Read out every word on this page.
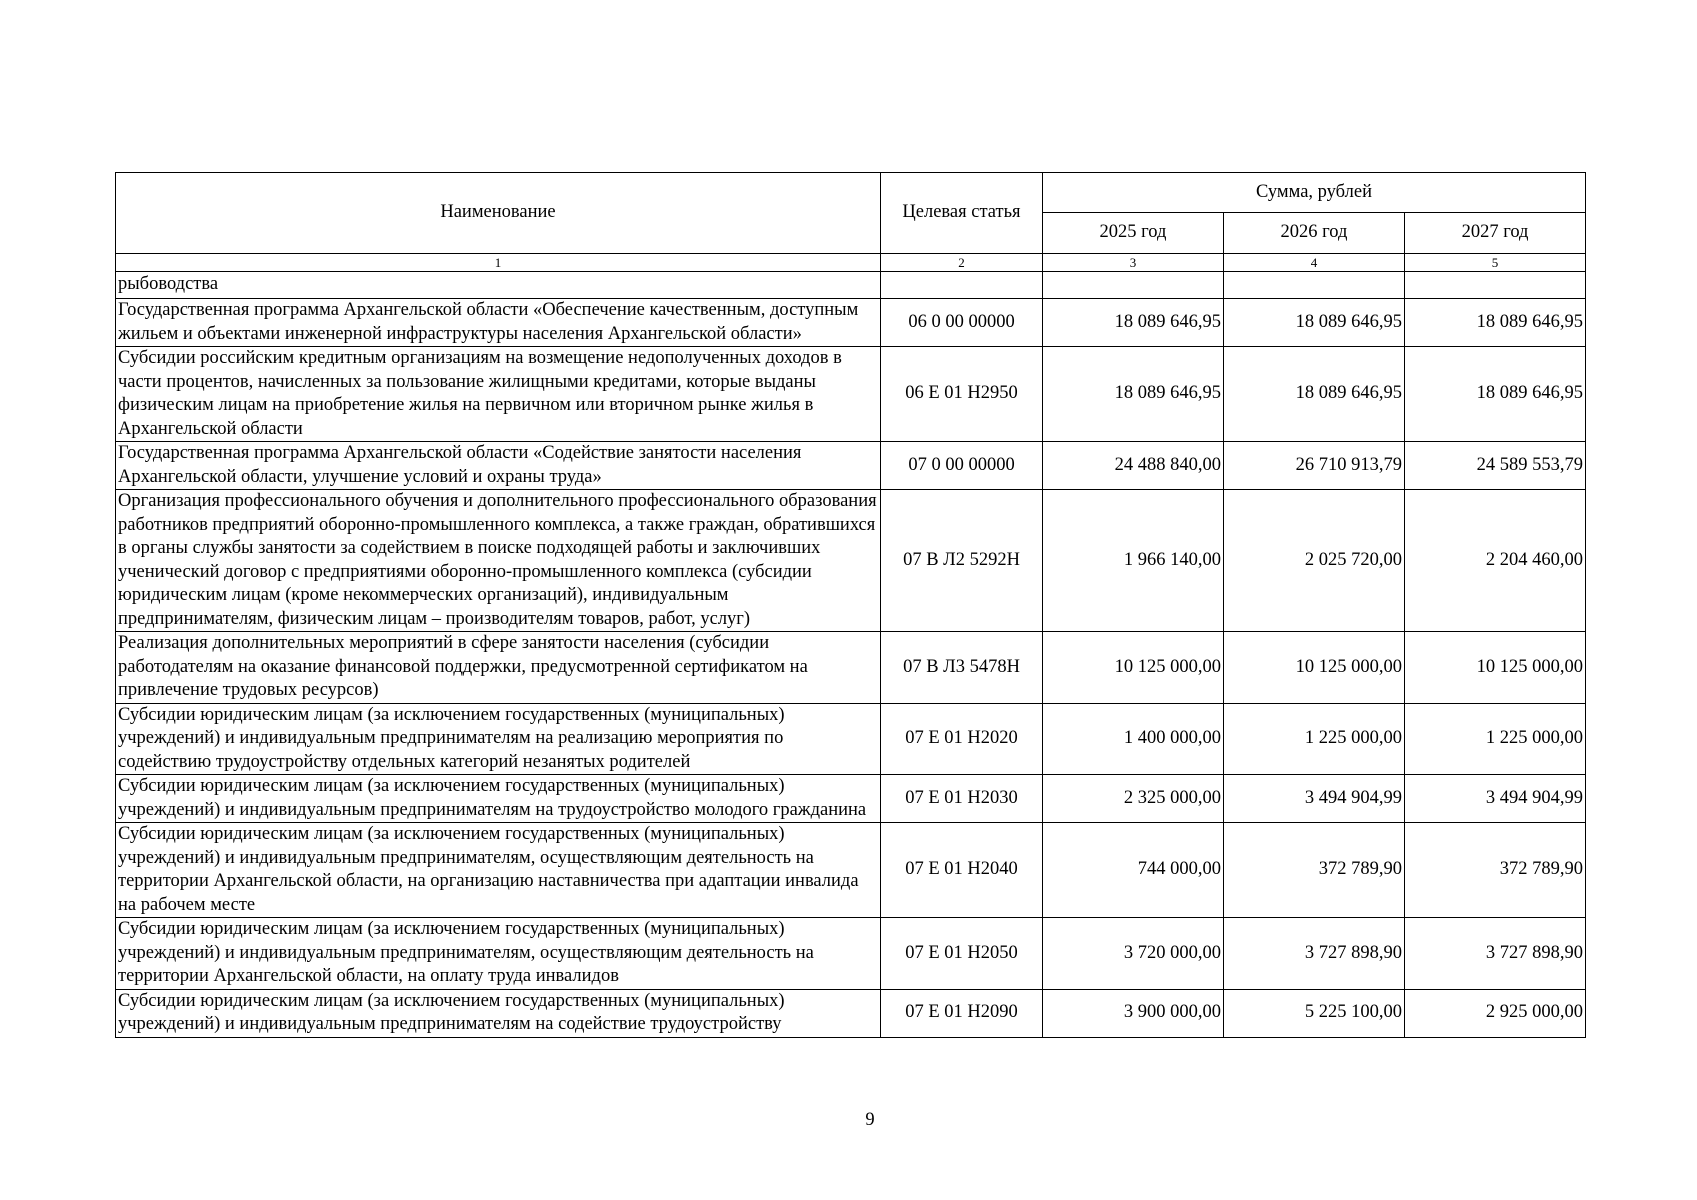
Наименование	Целевая статья	Сумма, рублей		
		2025 год	2026 год	2027 год
1	2	3	4	5
рыбоводства				
Государственная программа Архангельской области «Обеспечение качественным, доступным жильем и объектами инженерной инфраструктуры населения Архангельской области»	06 0 00 00000	18 089 646,95	18 089 646,95	18 089 646,95
Субсидии российским кредитным организациям на возмещение недополученных доходов в части процентов, начисленных за пользование жилищными кредитами, которые выданы физическим лицам на приобретение жилья на первичном или вторичном рынке жилья в Архангельской области	06 Е 01 Н2950	18 089 646,95	18 089 646,95	18 089 646,95
Государственная программа Архангельской области «Содействие занятости населения Архангельской области, улучшение условий и охраны труда»	07 0 00 00000	24 488 840,00	26 710 913,79	24 589 553,79
Организация профессионального обучения и дополнительного профессионального образования работников предприятий оборонно-промышленного комплекса, а также граждан, обратившихся в органы службы занятости за содействием в поиске подходящей работы и заключивших ученический договор с предприятиями оборонно-промышленного комплекса (субсидии юридическим лицам (кроме некоммерческих организаций), индивидуальным предпринимателям, физическим лицам – производителям товаров, работ, услуг)	07 В Л2 5292Н	1 966 140,00	2 025 720,00	2 204 460,00
Реализация дополнительных мероприятий в сфере занятости населения (субсидии работодателям на оказание финансовой поддержки, предусмотренной сертификатом на привлечение трудовых ресурсов)	07 В Л3 5478Н	10 125 000,00	10 125 000,00	10 125 000,00
Субсидии юридическим лицам (за исключением государственных (муниципальных) учреждений) и индивидуальным предпринимателям на реализацию мероприятия по содействию трудоустройству отдельных категорий незанятых родителей	07 Е 01 Н2020	1 400 000,00	1 225 000,00	1 225 000,00
Субсидии юридическим лицам (за исключением государственных (муниципальных) учреждений) и индивидуальным предпринимателям на трудоустройство молодого гражданина	07 Е 01 Н2030	2 325 000,00	3 494 904,99	3 494 904,99
Субсидии юридическим лицам (за исключением государственных (муниципальных) учреждений) и индивидуальным предпринимателям, осуществляющим деятельность на территории Архангельской области, на организацию наставничества при адаптации инвалида на рабочем месте	07 Е 01 Н2040	744 000,00	372 789,90	372 789,90
Субсидии юридическим лицам (за исключением государственных (муниципальных) учреждений) и индивидуальным предпринимателям, осуществляющим деятельность на территории Архангельской области, на оплату труда инвалидов	07 Е 01 Н2050	3 720 000,00	3 727 898,90	3 727 898,90
Субсидии юридическим лицам (за исключением государственных (муниципальных) учреждений) и индивидуальным предпринимателям на содействие трудоустройству	07 Е 01 Н2090	3 900 000,00	5 225 100,00	2 925 000,00
9
